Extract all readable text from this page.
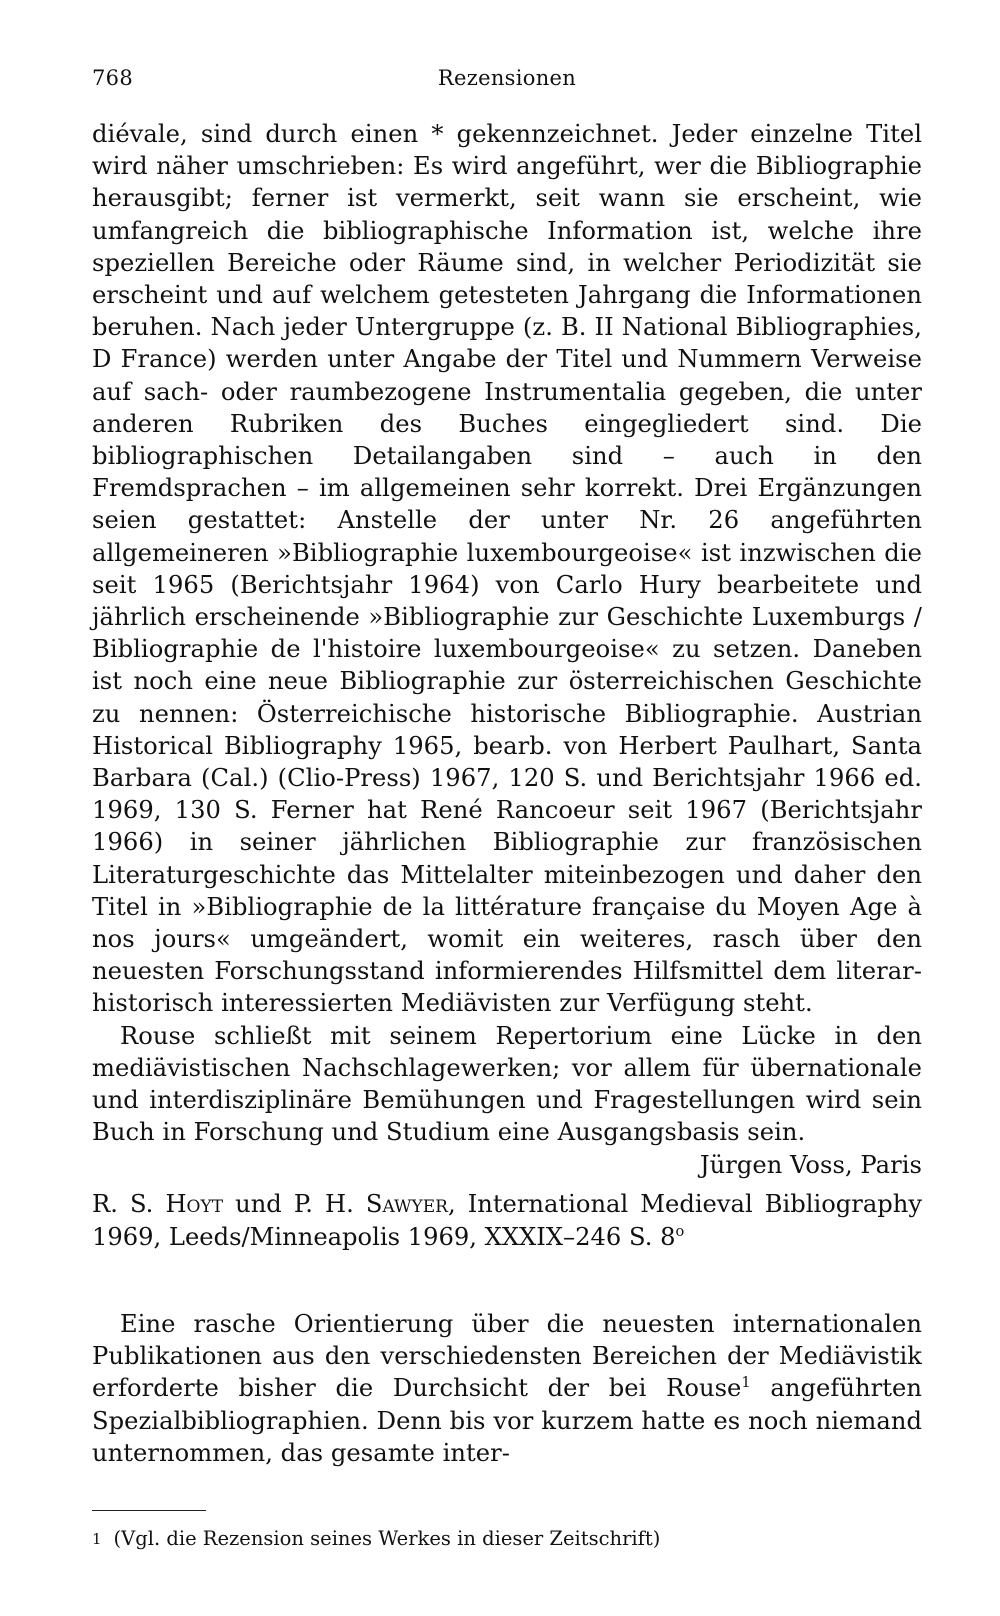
768	Rezensionen

diévale, sind durch einen * gekennzeichnet. Jeder einzelne Titel wird näher umschrieben: Es wird angeführt, wer die Bibliographie herausgibt; ferner ist vermerkt, seit wann sie erscheint, wie umfangreich die bibliographische Information ist, welche ihre speziellen Bereiche oder Räume sind, in welcher Periodizität sie erscheint und auf welchem getesteten Jahrgang die Informationen beruhen. Nach jeder Untergruppe (z. B. II National Bibliographies, D France) werden unter Angabe der Titel und Nummern Verweise auf sach- oder raumbezogene Instrumentalia gegeben, die unter anderen Rubriken des Buches eingegliedert sind. Die bibliographischen Detailangaben sind – auch in den Fremdsprachen – im allgemeinen sehr korrekt. Drei Ergänzungen seien gestattet: Anstelle der unter Nr. 26 angeführten allgemeineren »Bibliographie luxembourgeoise« ist inzwischen die seit 1965 (Berichtsjahr 1964) von Carlo Hury bearbeitete und jährlich erscheinende »Bibliographie zur Geschichte Luxemburgs / Bibliographie de l'histoire luxembourgeoise« zu setzen. Daneben ist noch eine neue Bibliographie zur österreichischen Geschichte zu nennen: Österreichische historische Bibliographie. Austrian Historical Bibliography 1965, bearb. von Herbert Paulhart, Santa Barbara (Cal.) (Clio-Press) 1967, 120 S. und Berichtsjahr 1966 ed. 1969, 130 S. Ferner hat René Rancoeur seit 1967 (Berichtsjahr 1966) in seiner jährlichen Bibliographie zur französischen Literaturgeschichte das Mittelalter miteinbezogen und daher den Titel in »Bibliographie de la littérature française du Moyen Age à nos jours« umgeändert, womit ein weiteres, rasch über den neuesten Forschungsstand informierendes Hilfsmittel dem literar-historisch interessierten Mediävisten zur Verfügung steht.

Rouse schließt mit seinem Repertorium eine Lücke in den mediävistischen Nachschlagewerken; vor allem für übernationale und interdisziplinäre Bemühungen und Fragestellungen wird sein Buch in Forschung und Studium eine Ausgangsbasis sein.

Jürgen Voss, Paris

R. S. Hoyt und P. H. Sawyer, International Medieval Bibliography 1969, Leeds/Minneapolis 1969, XXXIX–246 S. 8$^o$

Eine rasche Orientierung über die neuesten internationalen Publikationen aus den verschiedensten Bereichen der Mediävistik erforderte bisher die Durchsicht der bei Rouse$^1$ angeführten Spezialbibliographien. Denn bis vor kurzem hatte es noch niemand unternommen, das gesamte inter-

1 (Vgl. die Rezension seines Werkes in dieser Zeitschrift)
